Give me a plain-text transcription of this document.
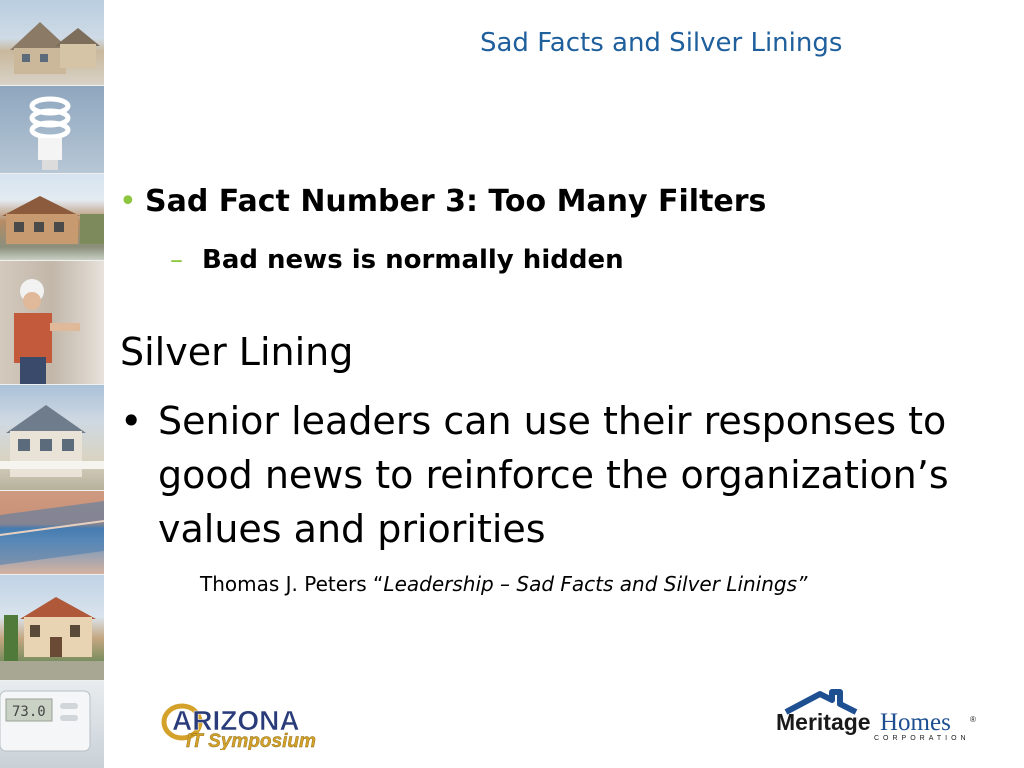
73.0
Sad Facts and Silver Linings
• Sad Fact Number 3: Too Many Filters
– Bad news is normally hidden
Silver Lining
• Senior leaders can use their responses to good news to reinforce the organization’s values and priorities
Thomas J. Peters “Leadership – Sad Facts and Silver Linings”
ARIZONA
IT Symposium
Meritage Homes ®
CORPORATION
